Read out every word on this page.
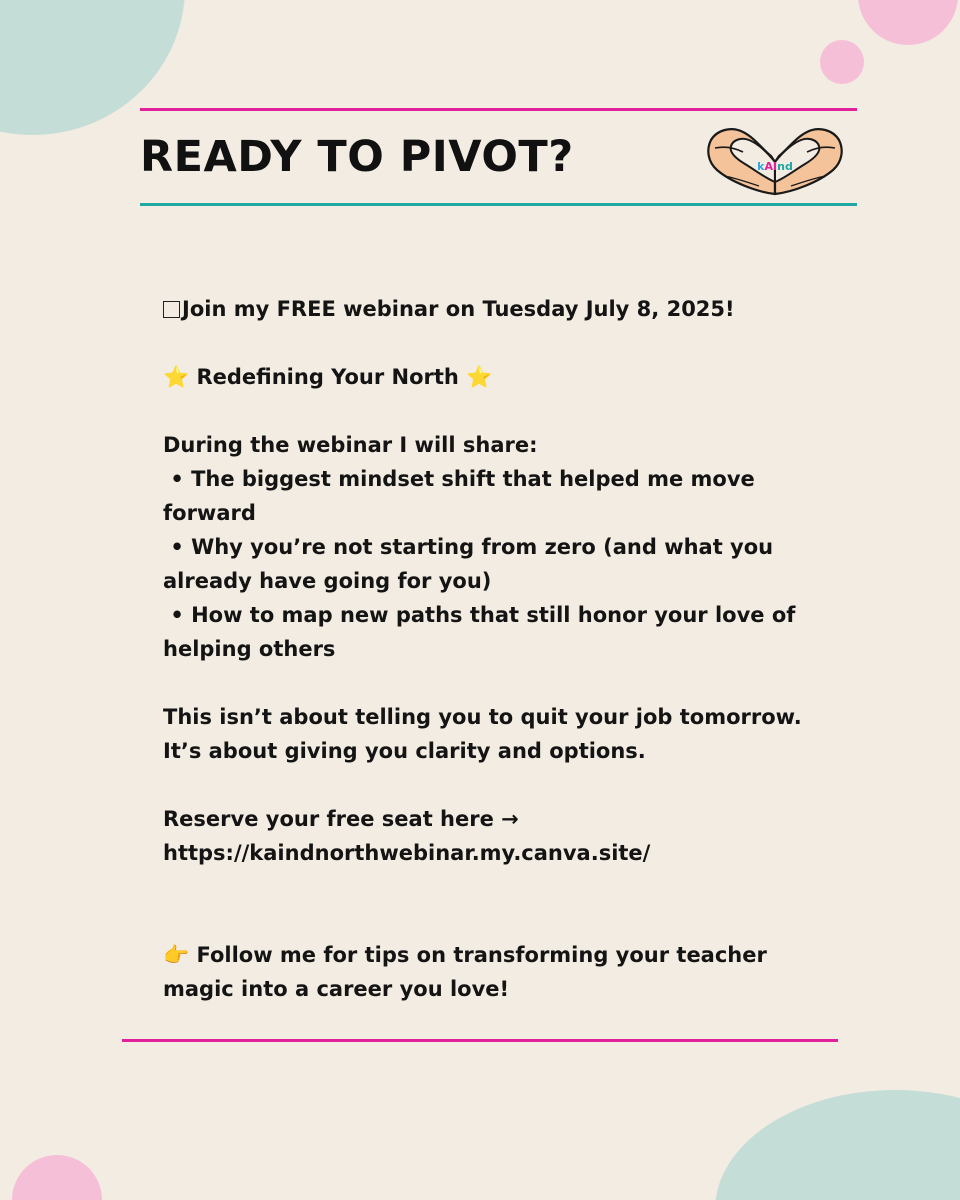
READY TO PIVOT?	kAInd

Join my FREE webinar on Tuesday July 8, 2025!

⭐ Redefining Your North ⭐

During the webinar I will share:

• The biggest mindset shift that helped me move forward

• Why you’re not starting from zero (and what you already have going for you)

• How to map new paths that still honor your love of helping others

This isn’t about telling you to quit your job tomorrow. It’s about giving you clarity and options.

Reserve your free seat here →

https://kaindnorthwebinar.my.canva.site/

👉 Follow me for tips on transforming your teacher magic into a career you love!
